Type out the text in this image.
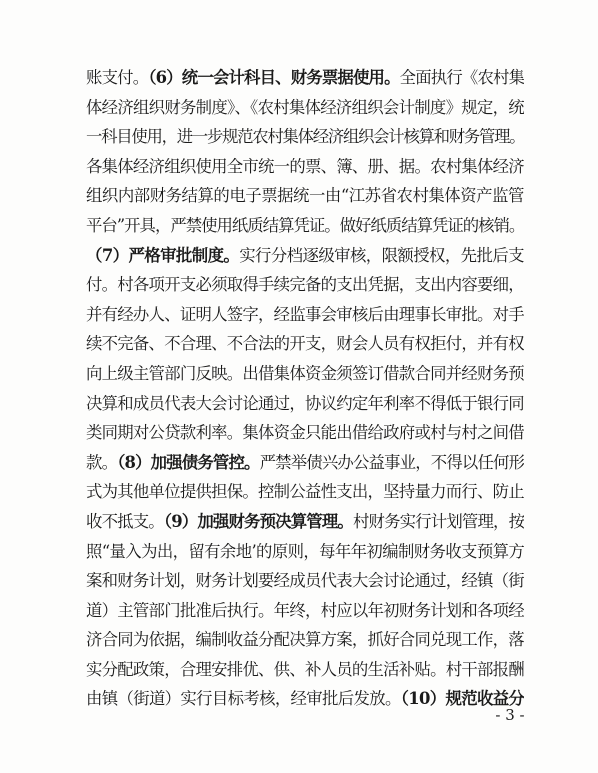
账支付。（6）统一会计科目、财务票据使用。全面执行《农村集
体经济组织财务制度》、《农村集体经济组织会计制度》规定，统
一科目使用，进一步规范农村集体经济组织会计核算和财务管理。
各集体经济组织使用全市统一的票、簿、册、据。农村集体经济
组织内部财务结算的电子票据统一由“江苏省农村集体资产监管
平台”开具，严禁使用纸质结算凭证。做好纸质结算凭证的核销。
（7）严格审批制度。实行分档逐级审核，限额授权，先批后支
付。村各项开支必须取得手续完备的支出凭据，支出内容要细，
并有经办人、证明人签字，经监事会审核后由理事长审批。对手
续不完备、不合理、不合法的开支，财会人员有权拒付，并有权
向上级主管部门反映。出借集体资金须签订借款合同并经财务预
决算和成员代表大会讨论通过，协议约定年利率不得低于银行同
类同期对公贷款利率。集体资金只能出借给政府或村与村之间借
款。（8）加强债务管控。严禁举债兴办公益事业，不得以任何形
式为其他单位提供担保。控制公益性支出，坚持量力而行、防止
收不抵支。（9）加强财务预决算管理。村财务实行计划管理，按
照“量入为出，留有余地’的原则，每年年初编制财务收支预算方
案和财务计划，财务计划要经成员代表大会讨论通过，经镇（街
道）主管部门批准后执行。年终，村应以年初财务计划和各项经
济合同为依据，编制收益分配决算方案，抓好合同兑现工作，落
实分配政策，合理安排优、供、补人员的生活补贴。村干部报酬
由镇（街道）实行目标考核，经审批后发放。（10）规范收益分
- 3 -
